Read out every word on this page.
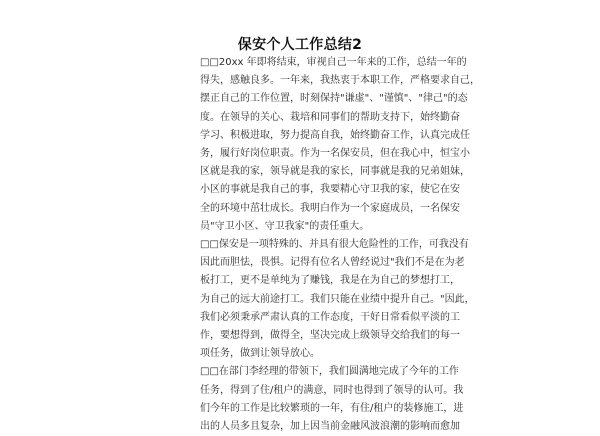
保安个人工作总结2
□□20xx 年即将结束，审视自己一年来的工作，总结一年的
得失，感触良多。一年来，我热衷于本职工作，严格要求自己，
摆正自己的工作位置，时刻保持"谦虚"、"谨慎"、"律己"的态
度。在领导的关心、栽培和同事们的帮助支持下，始终勤奋
学习、积极进取，努力提高自我，始终勤奋工作，认真完成任
务，履行好岗位职责。作为一名保安员，但在我心中，恒宝小
区就是我的家，领导就是我的家长，同事就是我的兄弟姐妹，
小区的事就是我自己的事，我要精心守卫我的家，使它在安
全的环境中茁壮成长。我明白作为一个家庭成员，一名保安
员"守卫小区、守卫我家"的责任重大。
□□保安是一项特殊的、并具有很大危险性的工作，可我没有
因此而胆怯，畏惧。记得有位名人曾经说过"我们不是在为老
板打工，更不是单纯为了赚钱，我是在为自己的梦想打工，
为自己的远大前途打工。我们只能在业绩中提升自己。"因此，
我们必须秉承严肃认真的工作态度，干好日常看似平淡的工
作，要想得到，做得全，坚决完成上级领导交给我们的每一
项任务，做到让领导放心。
□□在部门李经理的带领下，我们圆满地完成了今年的工作
任务，得到了住/租户的满意，同时也得到了领导的认可。我
们今年的工作是比较繁琐的一年，有住/租户的装修施工，进
出的人员多且复杂，加上因当前金融风波浪潮的影响而愈加
